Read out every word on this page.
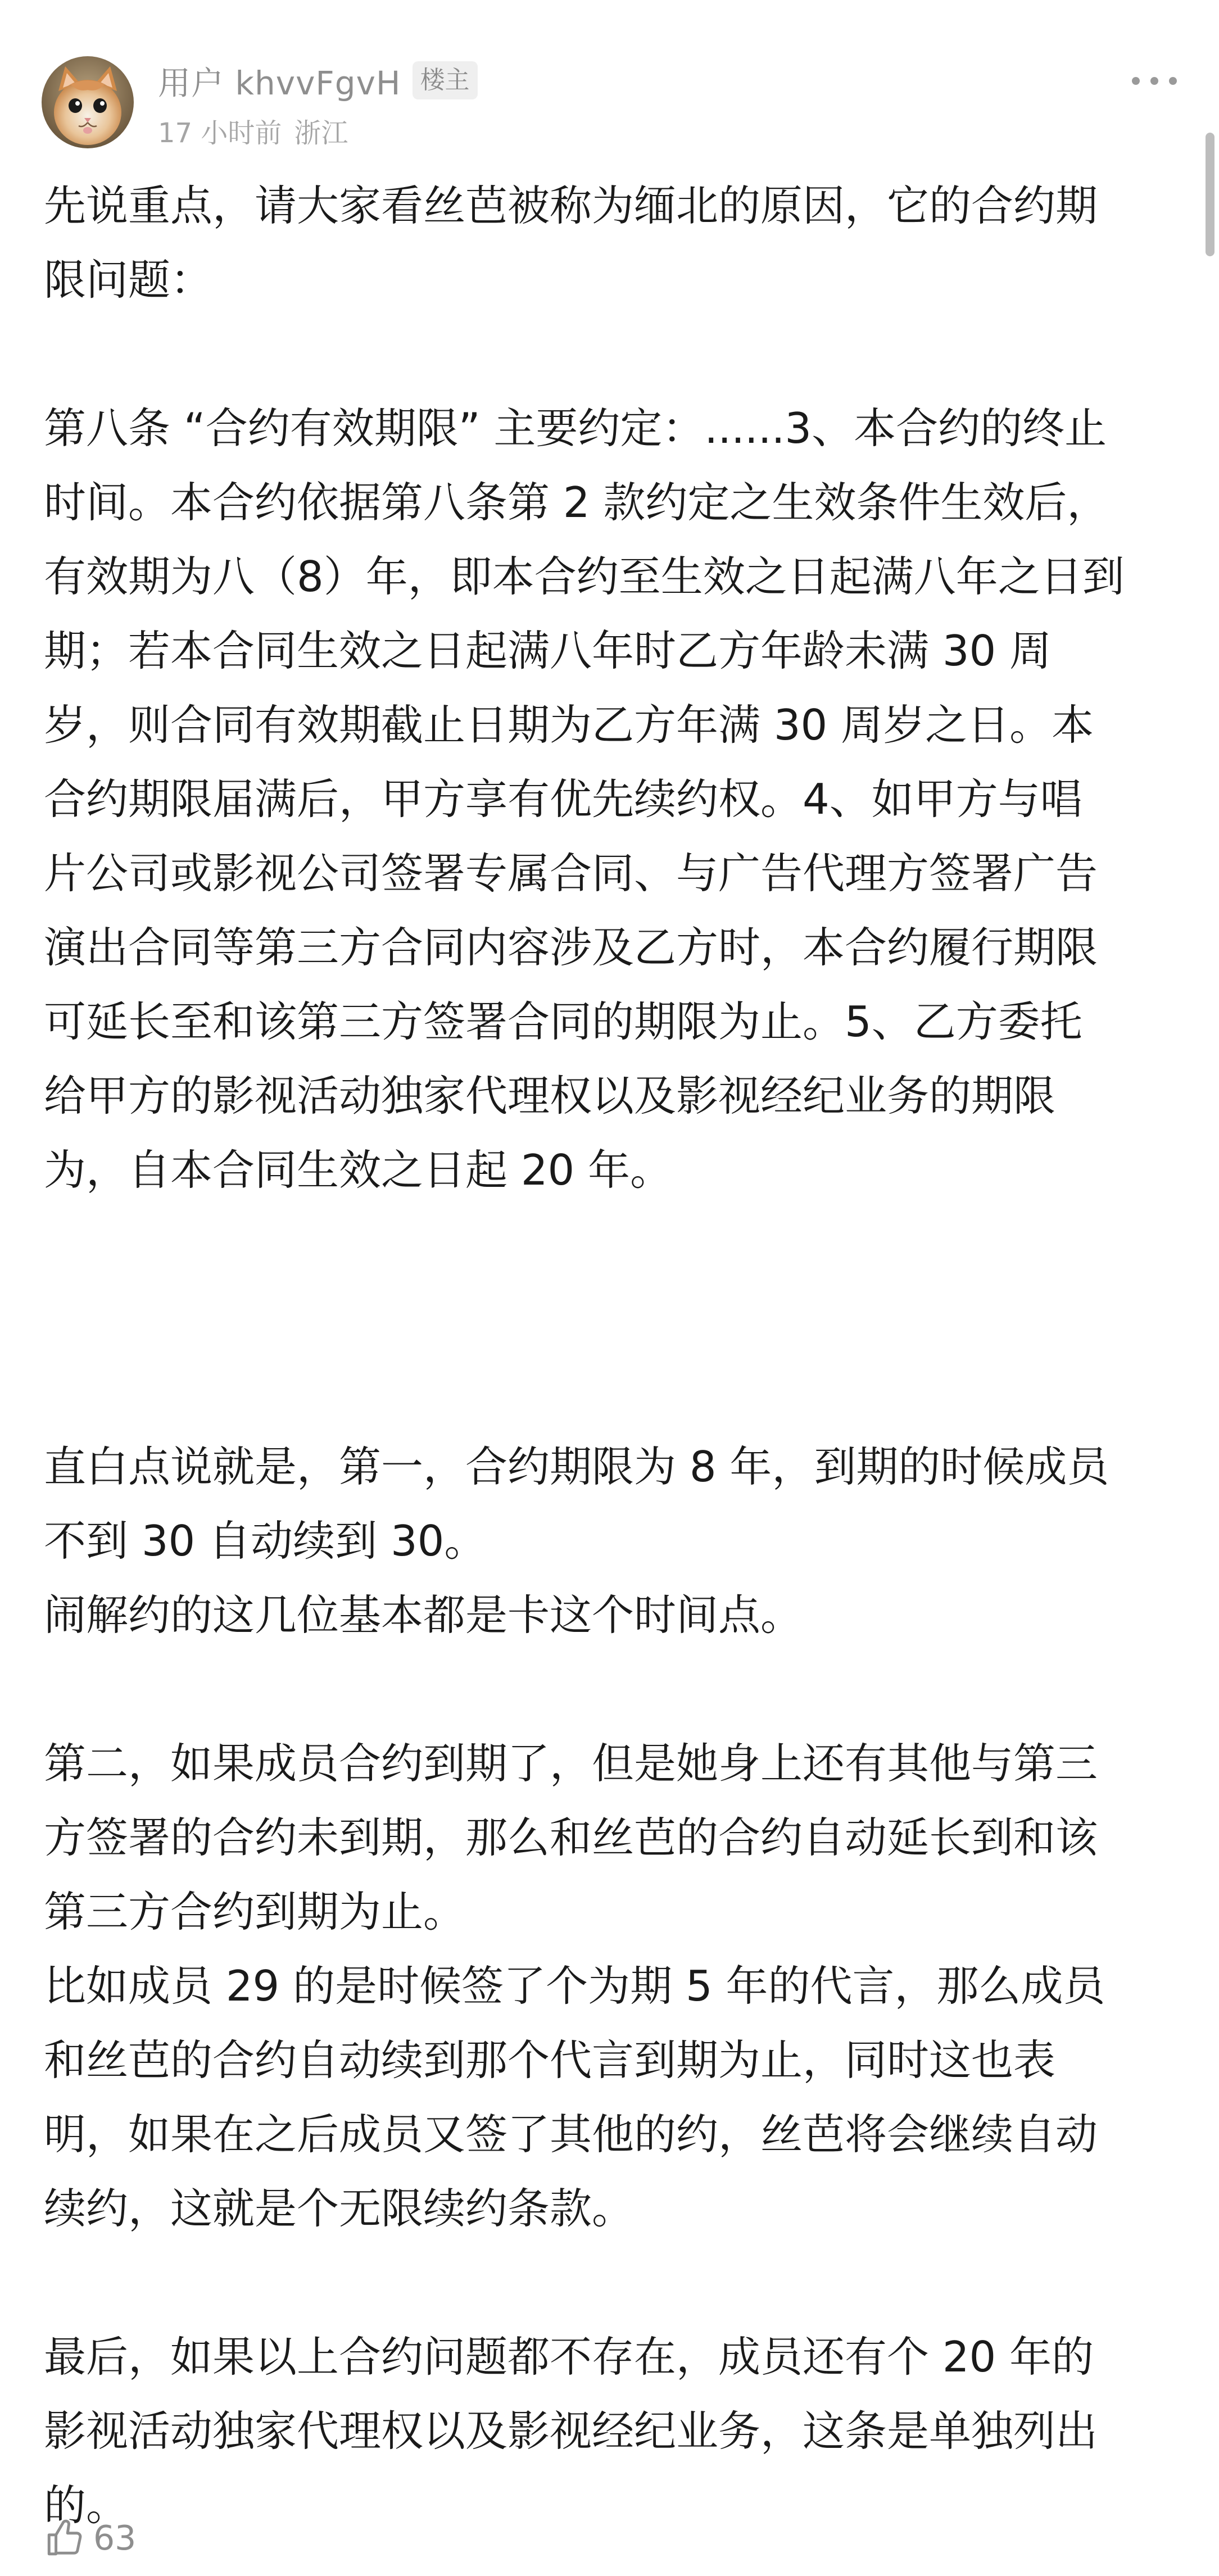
用户 khvvFgvH 楼主
17 小时前 浙江

先说重点，请大家看丝芭被称为缅北的原因，它的合约期

限问题：

第八条 “合约有效期限” 主要约定：......3、本合约的终止

时间。本合约依据第八条第 2 款约定之生效条件生效后，

有效期为八（8）年，即本合约至生效之日起满八年之日到

期；若本合同生效之日起满八年时乙方年龄未满 30 周

岁，则合同有效期截止日期为乙方年满 30 周岁之日。本

合约期限届满后，甲方享有优先续约权。4、如甲方与唱

片公司或影视公司签署专属合同、与广告代理方签署广告

演出合同等第三方合同内容涉及乙方时，本合约履行期限

可延长至和该第三方签署合同的期限为止。5、乙方委托

给甲方的影视活动独家代理权以及影视经纪业务的期限

为，自本合同生效之日起 20 年。

直白点说就是，第一，合约期限为 8 年，到期的时候成员

不到 30 自动续到 30。

闹解约的这几位基本都是卡这个时间点。

第二，如果成员合约到期了，但是她身上还有其他与第三

方签署的合约未到期，那么和丝芭的合约自动延长到和该

第三方合约到期为止。

比如成员 29 的是时候签了个为期 5 年的代言，那么成员

和丝芭的合约自动续到那个代言到期为止，同时这也表

明，如果在之后成员又签了其他的约，丝芭将会继续自动

续约，这就是个无限续约条款。

最后，如果以上合约问题都不存在，成员还有个 20 年的

影视活动独家代理权以及影视经纪业务，这条是单独列出

的。

63
